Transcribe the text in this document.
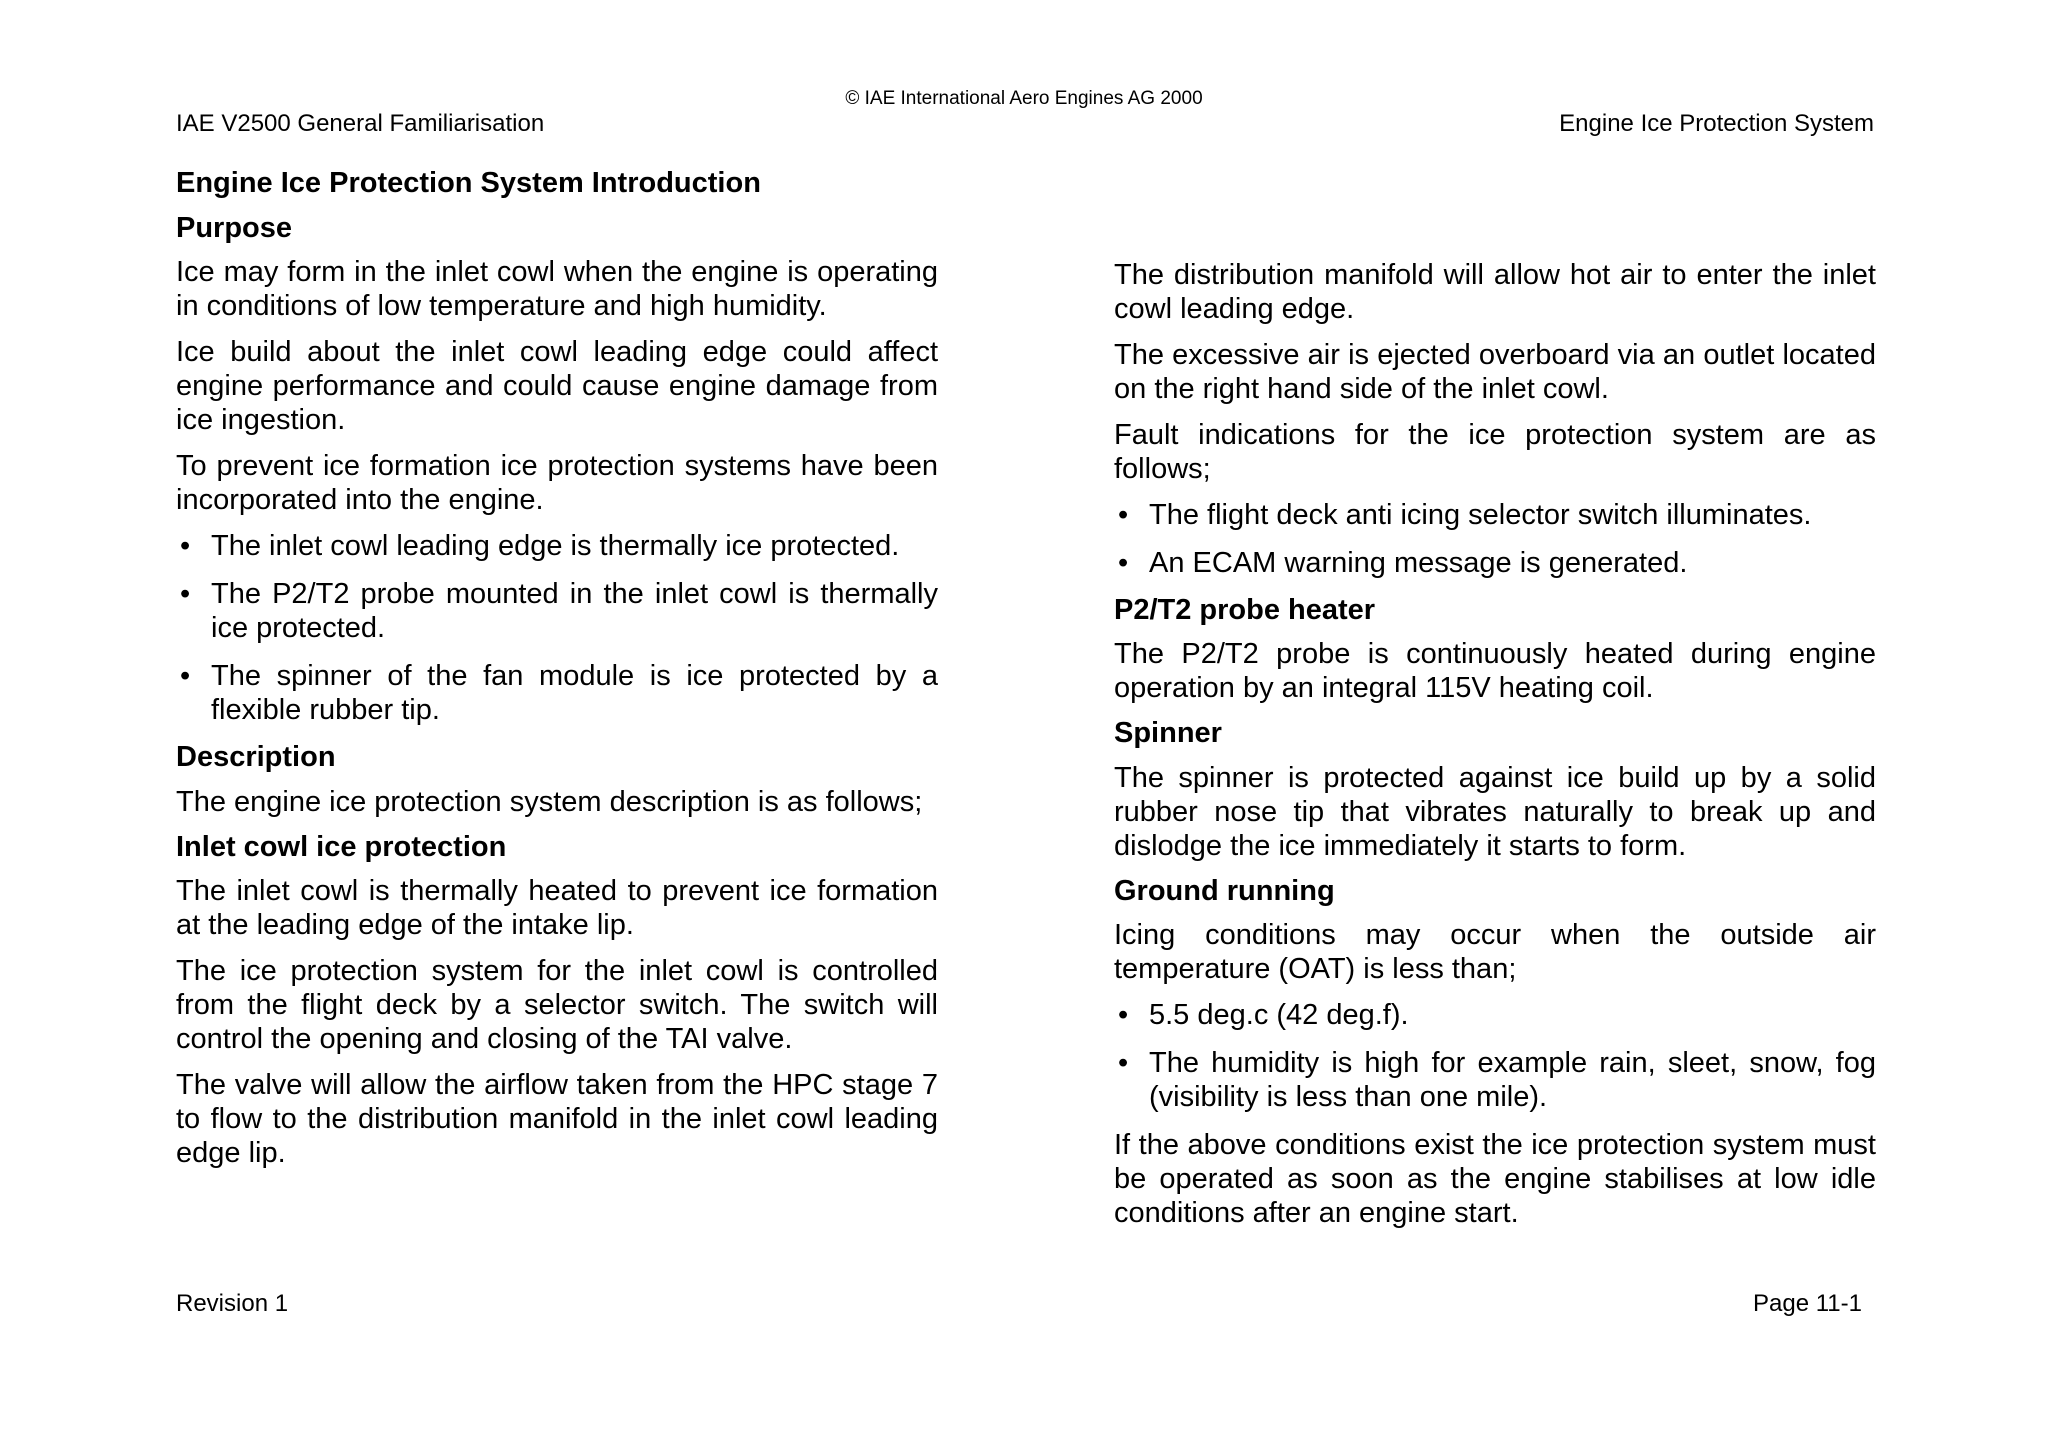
© IAE International Aero Engines AG 2000
IAE V2500 General Familiarisation	Engine Ice Protection System
Engine Ice Protection System Introduction
Purpose

Ice may form in the inlet cowl when the engine is operating in conditions of low temperature and high humidity.

Ice build about the inlet cowl leading edge could affect engine performance and could cause engine damage from ice ingestion.

To prevent ice formation ice protection systems have been incorporated into the engine.

• The inlet cowl leading edge is thermally ice protected.
• The P2/T2 probe mounted in the inlet cowl is thermally ice protected.
• The spinner of the fan module is ice protected by a flexible rubber tip.
Description

The engine ice protection system description is as follows;

Inlet cowl ice protection

The inlet cowl is thermally heated to prevent ice formation at the leading edge of the intake lip.

The ice protection system for the inlet cowl is controlled from the flight deck by a selector switch. The switch will control the opening and closing of the TAI valve.

The valve will allow the airflow taken from the HPC stage 7 to flow to the distribution manifold in the inlet cowl leading edge lip.

The distribution manifold will allow hot air to enter the inlet cowl leading edge.

The excessive air is ejected overboard via an outlet located on the right hand side of the inlet cowl.

Fault indications for the ice protection system are as follows;

• The flight deck anti icing selector switch illuminates.
• An ECAM warning message is generated.
P2/T2 probe heater

The P2/T2 probe is continuously heated during engine operation by an integral 115V heating coil.

Spinner

The spinner is protected against ice build up by a solid rubber nose tip that vibrates naturally to break up and dislodge the ice immediately it starts to form.

Ground running

Icing conditions may occur when the outside air temperature (OAT) is less than;

• 5.5 deg.c (42 deg.f).
• The humidity is high for example rain, sleet, snow, fog (visibility is less than one mile).

If the above conditions exist the ice protection system must be operated as soon as the engine stabilises at low idle conditions after an engine start.

Revision 1	Page 11-1
